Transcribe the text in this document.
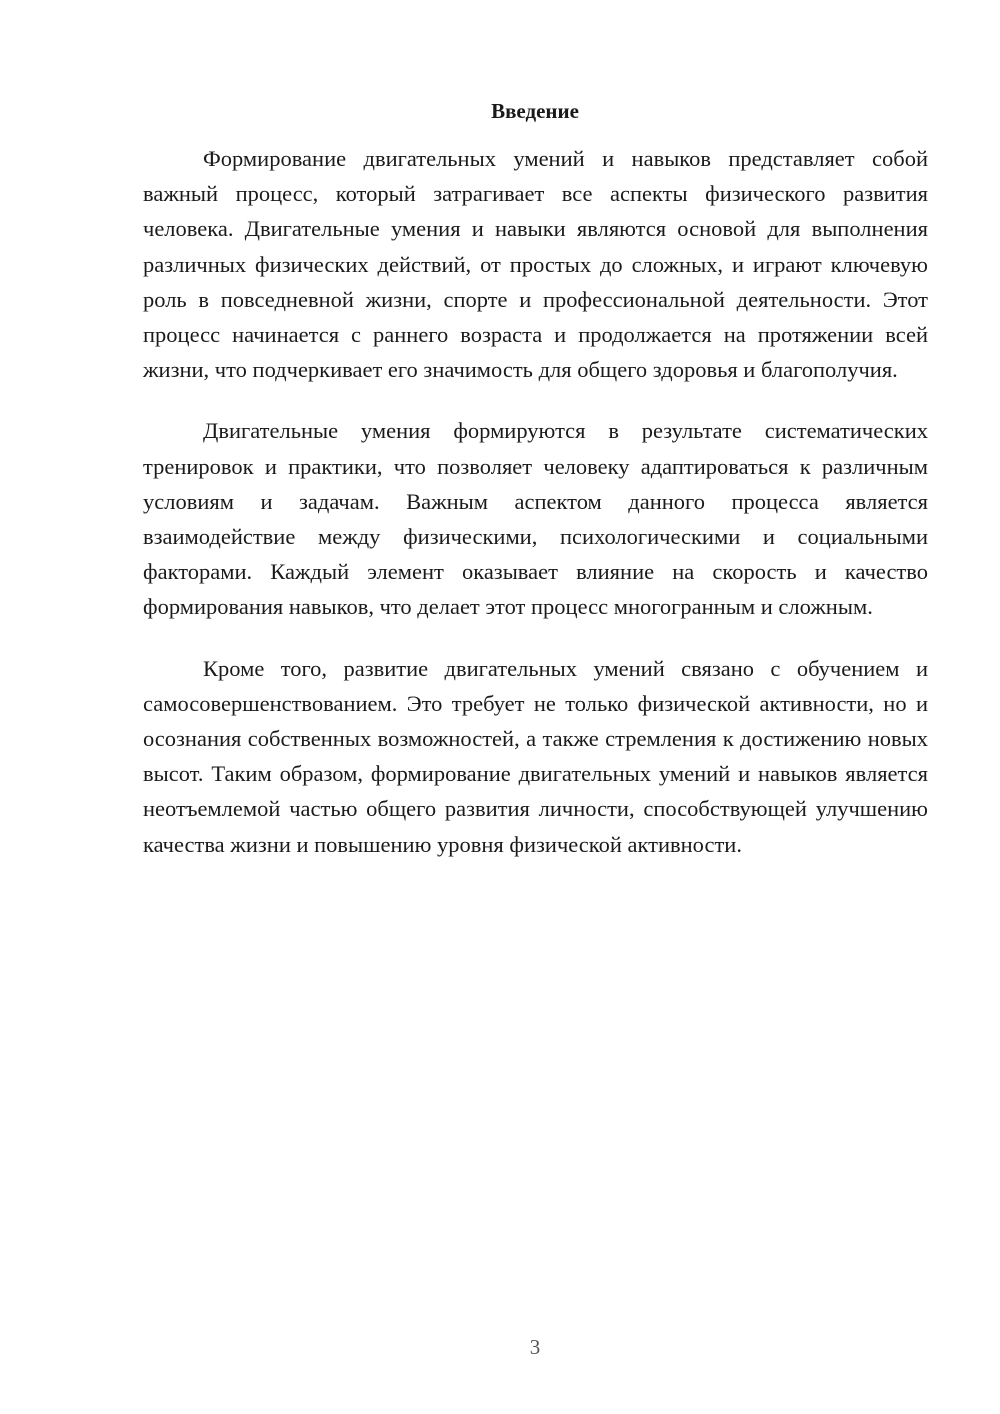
Введение

Формирование двигательных умений и навыков представляет собой важный процесс, который затрагивает все аспекты физического развития человека. Двигательные умения и навыки являются основой для выполнения различных физических действий, от простых до сложных, и играют ключевую роль в повседневной жизни, спорте и профессиональной деятельности. Этот процесс начинается с раннего возраста и продолжается на протяжении всей жизни, что подчеркивает его значимость для общего здоровья и благополучия.

Двигательные умения формируются в результате систематических тренировок и практики, что позволяет человеку адаптироваться к различным условиям и задачам. Важным аспектом данного процесса является взаимодействие между физическими, психологическими и социальными факторами. Каждый элемент оказывает влияние на скорость и качество формирования навыков, что делает этот процесс многогранным и сложным.

Кроме того, развитие двигательных умений связано с обучением и самосовершенствованием. Это требует не только физической активности, но и осознания собственных возможностей, а также стремления к достижению новых высот. Таким образом, формирование двигательных умений и навыков является неотъемлемой частью общего развития личности, способствующей улучшению качества жизни и повышению уровня физической активности.

3
